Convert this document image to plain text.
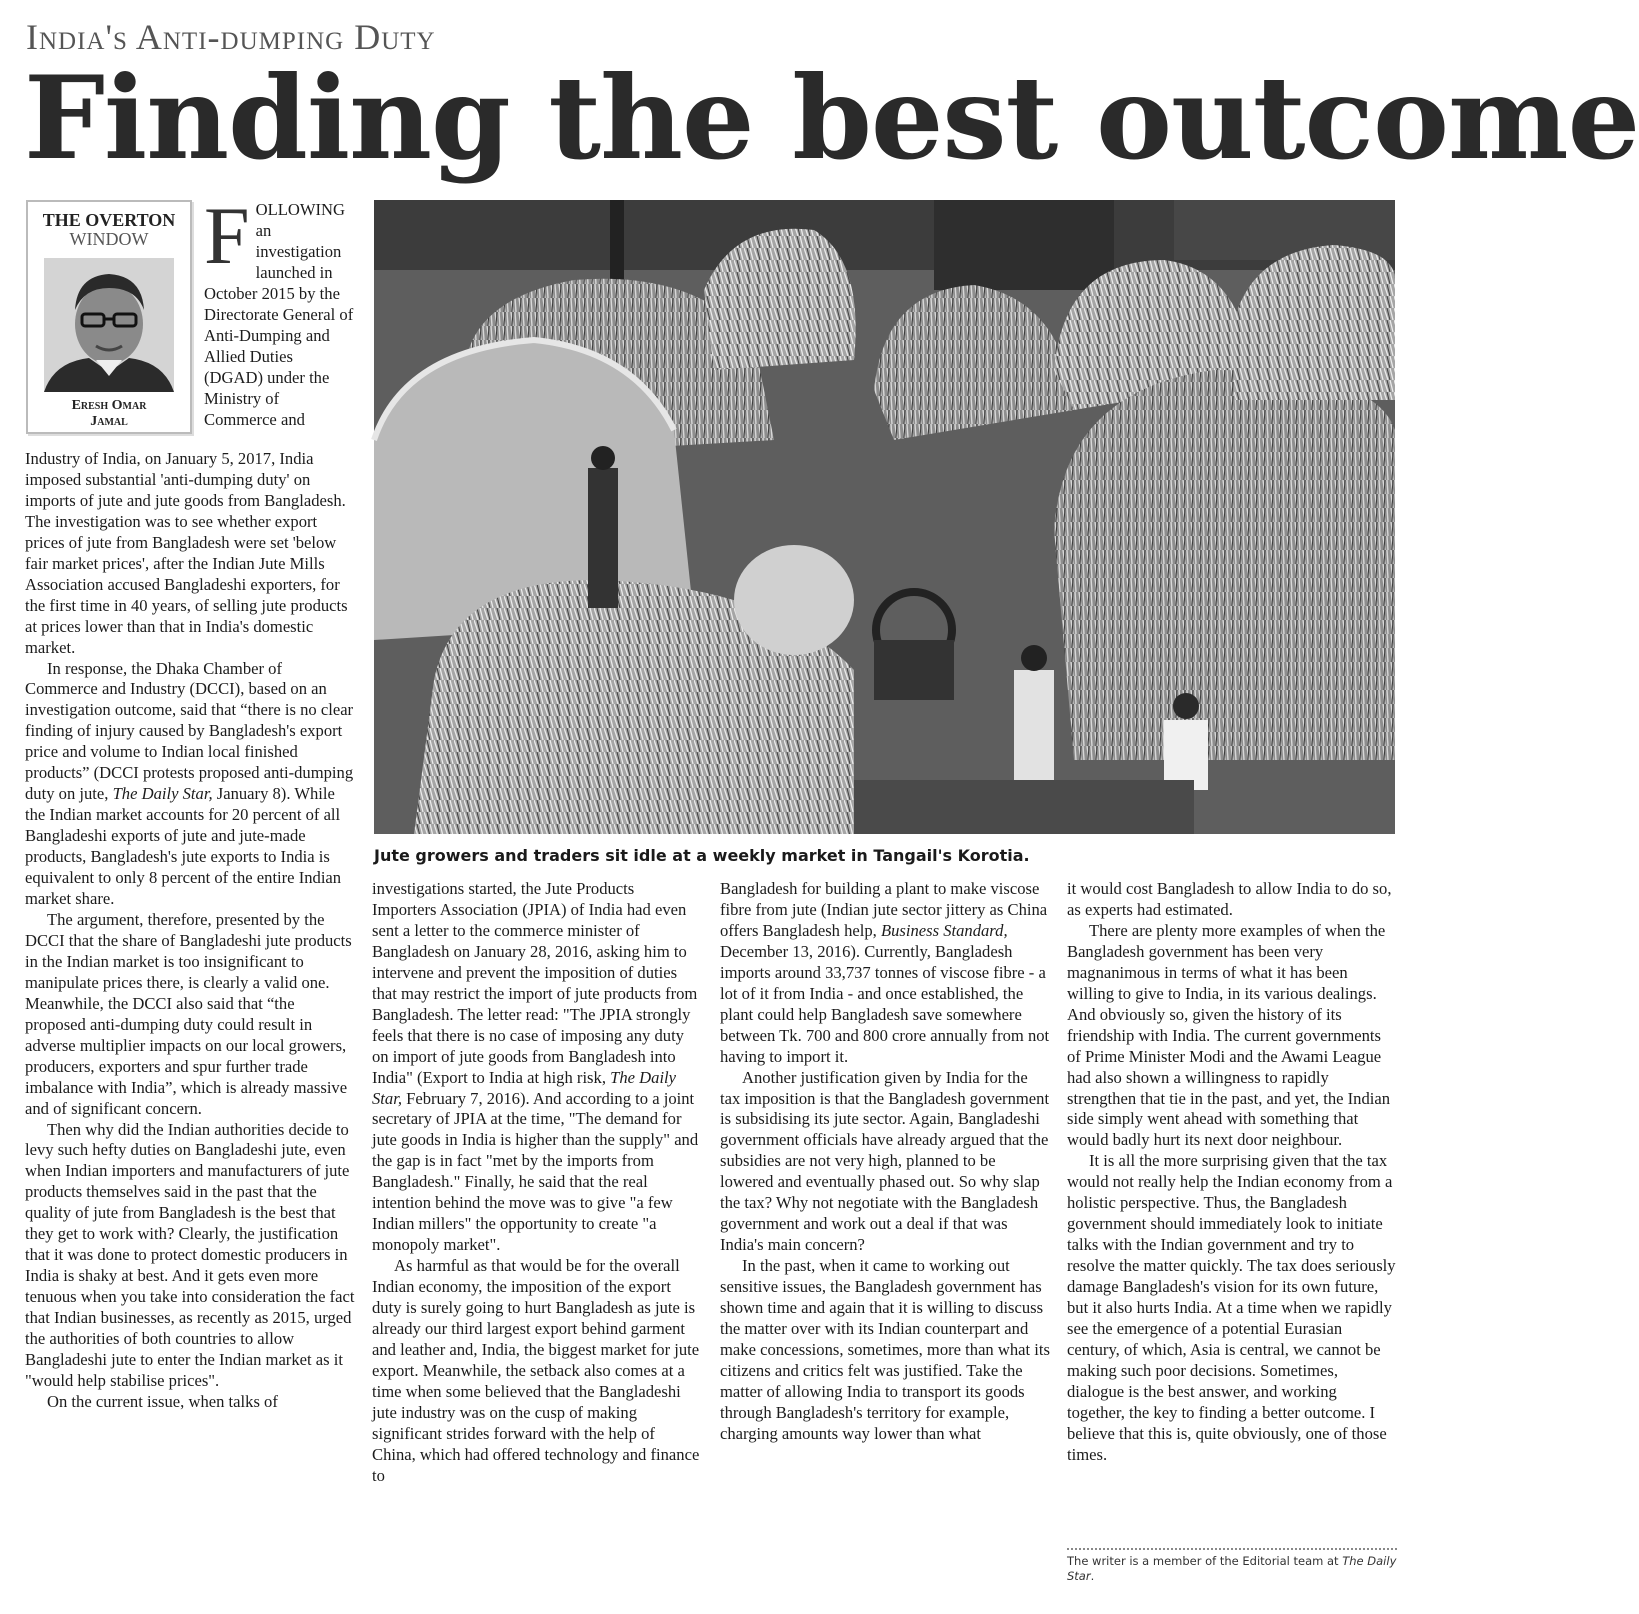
India's Anti-dumping Duty
Finding the best outcome
THE OVERTON
WINDOW
Eresh Omar
Jamal
F OLLOWING an investigation launched in October 2015 by the Directorate General of Anti-Dumping and Allied Duties (DGAD) under the Ministry of Commerce and

Industry of India, on January 5, 2017, India imposed substantial 'anti-dumping duty' on imports of jute and jute goods from Bangladesh. The investigation was to see whether export prices of jute from Bangladesh were set 'below fair market prices', after the Indian Jute Mills Association accused Bangladeshi exporters, for the first time in 40 years, of selling jute products at prices lower than that in India's domestic market.

In response, the Dhaka Chamber of Commerce and Industry (DCCI), based on an investigation outcome, said that “there is no clear finding of injury caused by Bangladesh's export price and volume to Indian local finished products” (DCCI protests proposed anti-dumping duty on jute, The Daily Star, January 8). While the Indian market accounts for 20 percent of all Bangladeshi exports of jute and jute-made products, Bangladesh's jute exports to India is equivalent to only 8 percent of the entire Indian market share.

The argument, therefore, presented by the DCCI that the share of Bangladeshi jute products in the Indian market is too insignificant to manipulate prices there, is clearly a valid one. Meanwhile, the DCCI also said that “the proposed anti-dumping duty could result in adverse multiplier impacts on our local growers, producers, exporters and spur further trade imbalance with India”, which is already massive and of significant concern.

Then why did the Indian authorities decide to levy such hefty duties on Bangladeshi jute, even when Indian importers and manufacturers of jute products themselves said in the past that the quality of jute from Bangladesh is the best that they get to work with? Clearly, the justification that it was done to protect domestic producers in India is shaky at best. And it gets even more tenuous when you take into consideration the fact that Indian businesses, as recently as 2015, urged the authorities of both countries to allow Bangladeshi jute to enter the Indian market as it "would help stabilise prices".

On the current issue, when talks of

Jute growers and traders sit idle at a weekly market in Tangail's Korotia.

investigations started, the Jute Products Importers Association (JPIA) of India had even sent a letter to the commerce minister of Bangladesh on January 28, 2016, asking him to intervene and prevent the imposition of duties that may restrict the import of jute products from Bangladesh. The letter read: "The JPIA strongly feels that there is no case of imposing any duty on import of jute goods from Bangladesh into India" (Export to India at high risk, The Daily Star, February 7, 2016). And according to a joint secretary of JPIA at the time, "The demand for jute goods in India is higher than the supply" and the gap is in fact "met by the imports from Bangladesh." Finally, he said that the real intention behind the move was to give "a few Indian millers" the opportunity to create "a monopoly market".

As harmful as that would be for the overall Indian economy, the imposition of the export duty is surely going to hurt Bangladesh as jute is already our third largest export behind garment and leather and, India, the biggest market for jute export. Meanwhile, the setback also comes at a time when some believed that the Bangladeshi jute industry was on the cusp of making significant strides forward with the help of China, which had offered technology and finance to

Bangladesh for building a plant to make viscose fibre from jute (Indian jute sector jittery as China offers Bangladesh help, Business Standard, December 13, 2016). Currently, Bangladesh imports around 33,737 tonnes of viscose fibre - a lot of it from India - and once established, the plant could help Bangladesh save somewhere between Tk. 700 and 800 crore annually from not having to import it.

Another justification given by India for the tax imposition is that the Bangladesh government is subsidising its jute sector. Again, Bangladeshi government officials have already argued that the subsidies are not very high, planned to be lowered and eventually phased out. So why slap the tax? Why not negotiate with the Bangladesh government and work out a deal if that was India's main concern?

In the past, when it came to working out sensitive issues, the Bangladesh government has shown time and again that it is willing to discuss the matter over with its Indian counterpart and make concessions, sometimes, more than what its citizens and critics felt was justified. Take the matter of allowing India to transport its goods through Bangladesh's territory for example, charging amounts way lower than what

it would cost Bangladesh to allow India to do so, as experts had estimated.

There are plenty more examples of when the Bangladesh government has been very magnanimous in terms of what it has been willing to give to India, in its various dealings. And obviously so, given the history of its friendship with India. The current governments of Prime Minister Modi and the Awami League had also shown a willingness to rapidly strengthen that tie in the past, and yet, the Indian side simply went ahead with something that would badly hurt its next door neighbour.

It is all the more surprising given that the tax would not really help the Indian economy from a holistic perspective. Thus, the Bangladesh government should immediately look to initiate talks with the Indian government and try to resolve the matter quickly. The tax does seriously damage Bangladesh's vision for its own future, but it also hurts India. At a time when we rapidly see the emergence of a potential Eurasian century, of which, Asia is central, we cannot be making such poor decisions. Sometimes, dialogue is the best answer, and working together, the key to finding a better outcome. I believe that this is, quite obviously, one of those times.

The writer is a member of the Editorial team at The Daily Star.
